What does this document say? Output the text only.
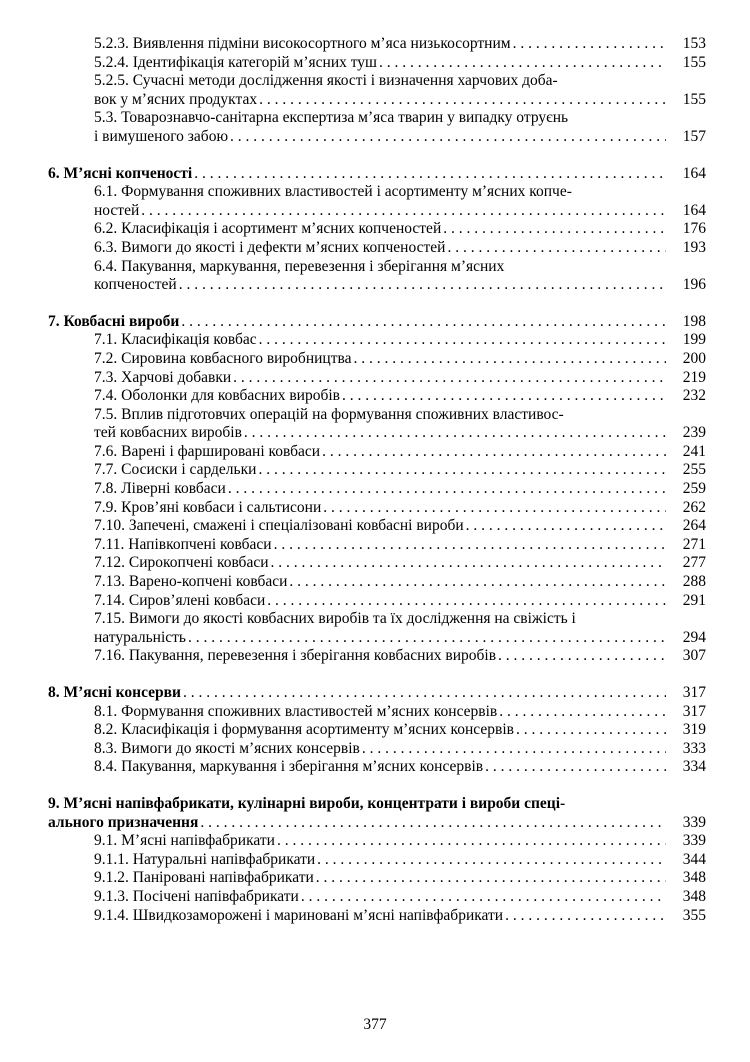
5.2.3. Виявлення підміни високосортного м’яса низькосортним . . .	153
5.2.4. Ідентифікація категорій м’ясних туш . . .	155
5.2.5. Сучасні методи дослідження якості і визначення харчових доба-
вок у м’ясних продуктах . . .	155
5.3. Товарознавчо-санітарна експертиза м’яса тварин у випадку отруєнь
і вимушеного забою . . .	157
6. М’ясні копченості . . .	164
6.1. Формування споживних властивостей і асортименту м’ясних копче-
ностей . . .	164
6.2. Класифікація і асортимент м’ясних копченостей . . .	176
6.3. Вимоги до якості і дефекти м’ясних копченостей . . .	193
6.4. Пакування, маркування, перевезення і зберігання м’ясних
копченостей . . .	196
7. Ковбасні вироби . . .	198
7.1. Класифікація ковбас . . .	199
7.2. Сировина ковбасного виробництва . . .	200
7.3. Харчові добавки . . .	219
7.4. Оболонки для ковбасних виробів . . .	232
7.5. Вплив підготовчих операцій на формування споживних властивос-
тей ковбасних виробів . . .	239
7.6. Варені і фаршировані ковбаси . . .	241
7.7. Сосиски і сардельки . . .	255
7.8. Ліверні ковбаси . . .	259
7.9. Кров’яні ковбаси і сальтисони . . .	262
7.10. Запечені, смажені і спеціалізовані ковбасні вироби . . .	264
7.11. Напівкопчені ковбаси . . .	271
7.12. Сирокопчені ковбаси . . .	277
7.13. Варено-копчені ковбаси . . .	288
7.14. Сиров’ялені ковбаси . . .	291
7.15. Вимоги до якості ковбасних виробів та їх дослідження на свіжість і
натуральність . . .	294
7.16. Пакування, перевезення і зберігання ковбасних виробів . . .	307
8. М’ясні консерви . . .	317
8.1. Формування споживних властивостей м’ясних консервів . . .	317
8.2. Класифікація і формування асортименту м’ясних консервів . . .	319
8.3. Вимоги до якості м’ясних консервів . . .	333
8.4. Пакування, маркування і зберігання м’ясних консервів . . .	334
9. М’ясні напівфабрикати, кулінарні вироби, концентрати і вироби спеці-
ального призначення . . .	339
9.1. М’ясні напівфабрикати . . .	339
9.1.1. Натуральні напівфабрикати . . .	344
9.1.2. Паніровані напівфабрикати . . .	348
9.1.3. Посічені напівфабрикати . . .	348
9.1.4. Швидкозаморожені і мариновані м’ясні напівфабрикати . . .	355
377
